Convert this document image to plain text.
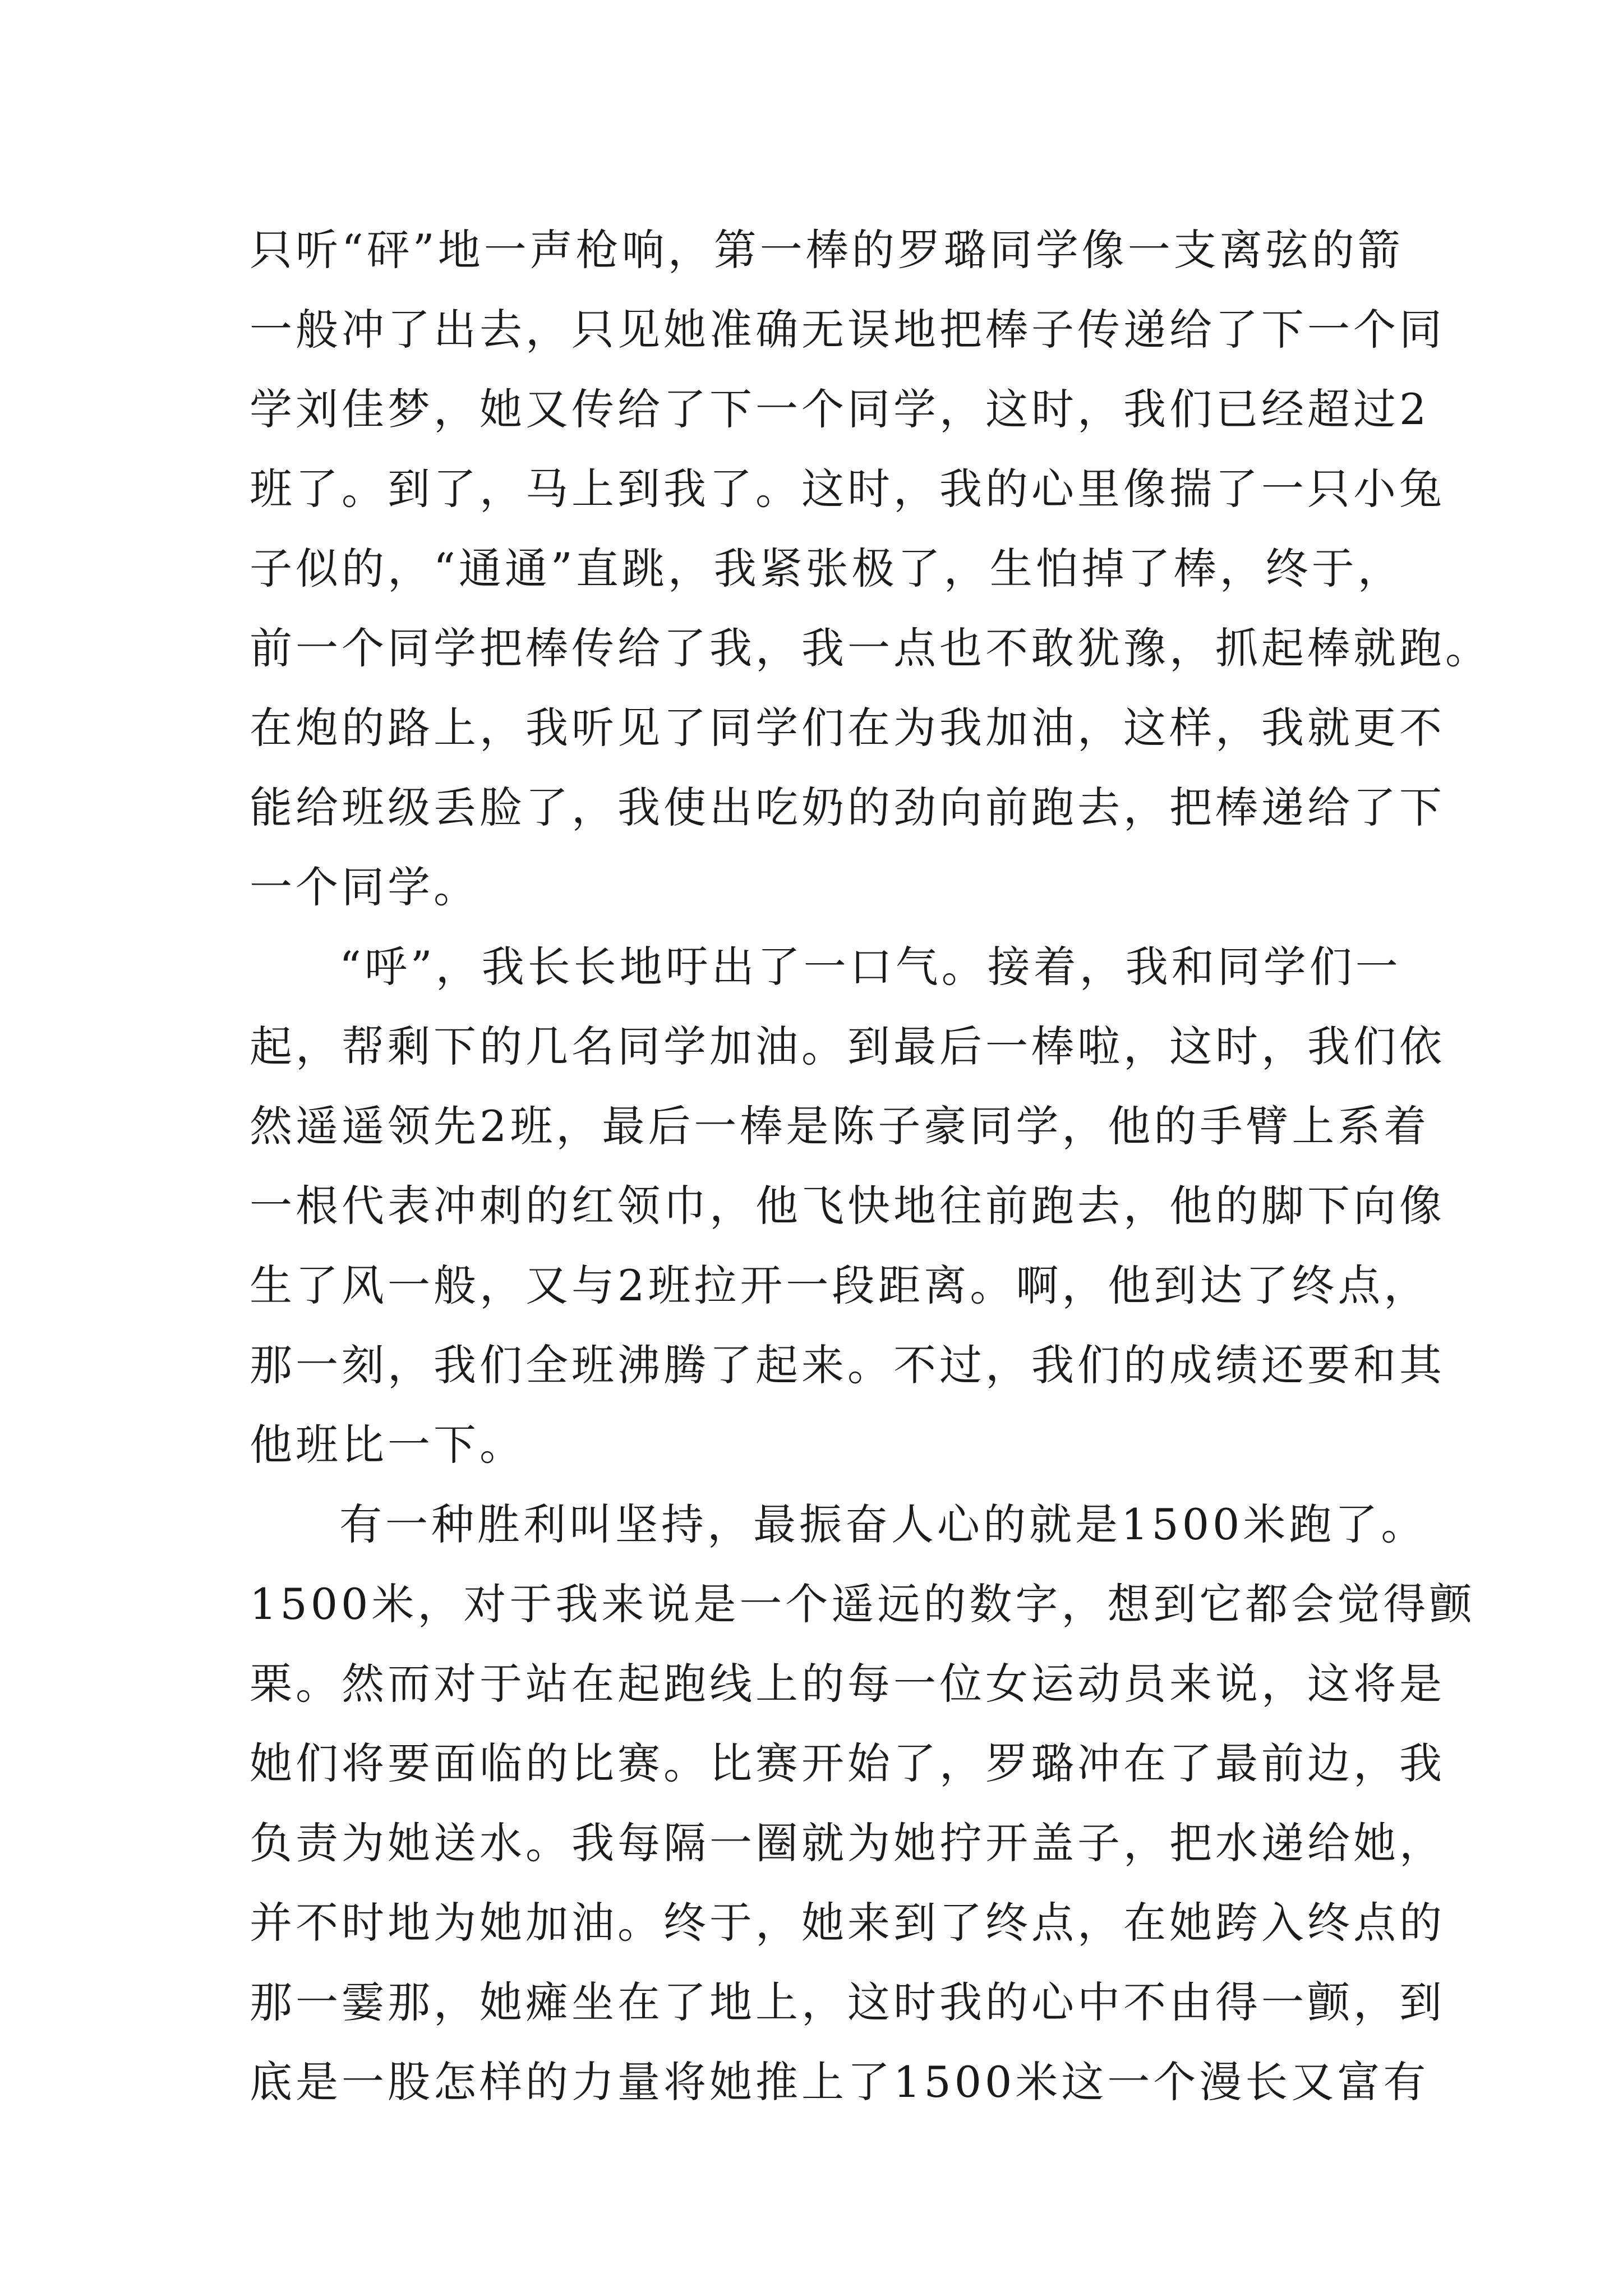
只听“砰”地一声枪响，第一棒的罗璐同学像一支离弦的箭
一般冲了出去，只见她准确无误地把棒子传递给了下一个同
学刘佳梦，她又传给了下一个同学，这时，我们已经超过2
班了。到了，马上到我了。这时，我的心里像揣了一只小兔
子似的，“通通”直跳，我紧张极了，生怕掉了棒，终于，
前一个同学把棒传给了我，我一点也不敢犹豫，抓起棒就跑。
在炮的路上，我听见了同学们在为我加油，这样，我就更不
能给班级丢脸了，我使出吃奶的劲向前跑去，把棒递给了下
一个同学。
“呼”，我长长地吁出了一口气。接着，我和同学们一
起，帮剩下的几名同学加油。到最后一棒啦，这时，我们依
然遥遥领先2班，最后一棒是陈子豪同学，他的手臂上系着
一根代表冲刺的红领巾，他飞快地往前跑去，他的脚下向像
生了风一般，又与2班拉开一段距离。啊，他到达了终点，
那一刻，我们全班沸腾了起来。不过，我们的成绩还要和其
他班比一下。
有一种胜利叫坚持，最振奋人心的就是1500米跑了。
1500米，对于我来说是一个遥远的数字，想到它都会觉得颤
栗。然而对于站在起跑线上的每一位女运动员来说，这将是
她们将要面临的比赛。比赛开始了，罗璐冲在了最前边，我
负责为她送水。我每隔一圈就为她拧开盖子，把水递给她，
并不时地为她加油。终于，她来到了终点，在她跨入终点的
那一霎那，她瘫坐在了地上，这时我的心中不由得一颤，到
底是一股怎样的力量将她推上了1500米这一个漫长又富有
